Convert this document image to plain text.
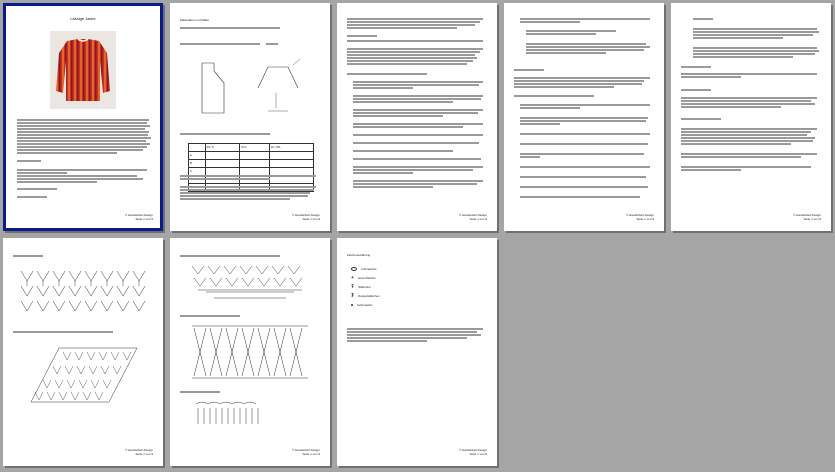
Lässige Jacke
© Handarbeit Design
Seite n von 9
Materialien und Maße
	XS / S	M / L	XL / XXL
A			
B			
C			
D			
E			
© Handarbeit Design
Seite n von 9
© Handarbeit Design
Seite n von 9
© Handarbeit Design
Seite n von 9
© Handarbeit Design
Seite n von 9
© Handarbeit Design
Seite n von 9
© Handarbeit Design
Seite n von 9
Zeichenerklärung
Luftmasche
+ feste Masche
Ŧ Stäbchen
₮ Doppelstäbchen
Kettmasche
© Handarbeit Design
Seite n von 9
